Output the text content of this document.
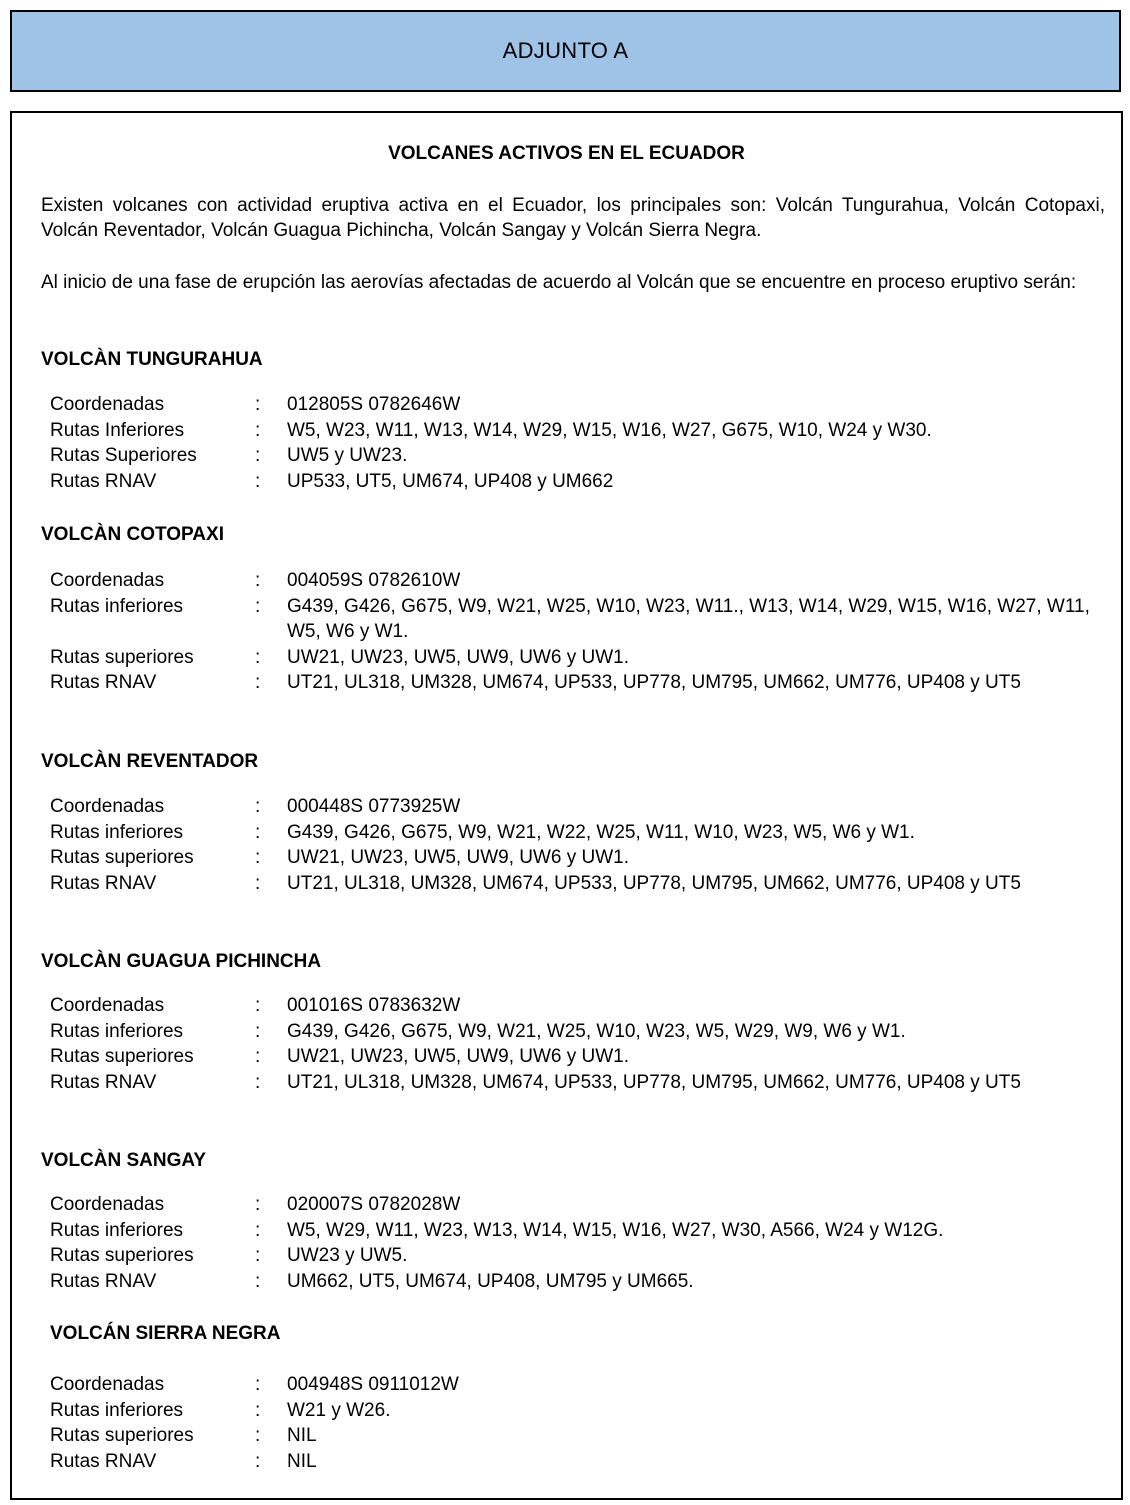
ADJUNTO A
VOLCANES ACTIVOS EN EL ECUADOR
Existen volcanes con actividad eruptiva activa en el Ecuador, los principales son: Volcán Tungurahua, Volcán Cotopaxi, Volcán Reventador, Volcán Guagua Pichincha, Volcán Sangay y Volcán Sierra Negra.
Al inicio de una fase de erupción las aerovías afectadas de acuerdo al Volcán que se encuentre en proceso eruptivo serán:
VOLCÀN TUNGURAHUA
Coordenadas	:	012805S 0782646W
Rutas Inferiores	:	W5, W23, W11, W13, W14, W29, W15, W16, W27, G675, W10, W24 y W30.
Rutas Superiores	:	UW5 y UW23.
Rutas RNAV	:	UP533, UT5, UM674, UP408 y UM662
VOLCÀN COTOPAXI
Coordenadas	:	004059S 0782610W
Rutas inferiores	:	G439, G426, G675, W9, W21, W25, W10, W23, W11., W13, W14, W29, W15, W16, W27, W11, W5, W6 y W1.
Rutas superiores	:	UW21, UW23, UW5, UW9, UW6 y UW1.
Rutas RNAV	:	UT21, UL318, UM328, UM674, UP533, UP778, UM795, UM662, UM776, UP408 y UT5
VOLCÀN REVENTADOR
Coordenadas	:	000448S 0773925W
Rutas inferiores	:	G439, G426, G675, W9, W21, W22, W25, W11, W10, W23, W5, W6 y W1.
Rutas superiores	:	UW21, UW23, UW5, UW9, UW6 y UW1.
Rutas RNAV	:	UT21, UL318, UM328, UM674, UP533, UP778, UM795, UM662, UM776, UP408 y UT5
VOLCÀN GUAGUA PICHINCHA
Coordenadas	:	001016S 0783632W
Rutas inferiores	:	G439, G426, G675, W9, W21, W25, W10, W23, W5, W29, W9, W6 y W1.
Rutas superiores	:	UW21, UW23, UW5, UW9, UW6 y UW1.
Rutas RNAV	:	UT21, UL318, UM328, UM674, UP533, UP778, UM795, UM662, UM776, UP408 y UT5
VOLCÀN SANGAY
Coordenadas	:	020007S 0782028W
Rutas inferiores	:	W5, W29, W11, W23, W13, W14, W15, W16, W27, W30, A566, W24 y W12G.
Rutas superiores	:	UW23 y UW5.
Rutas RNAV	:	UM662, UT5, UM674, UP408, UM795 y UM665.
VOLCÁN SIERRA NEGRA
Coordenadas	:	004948S 0911012W
Rutas inferiores	:	W21 y W26.
Rutas superiores	:	NIL
Rutas RNAV	:	NIL
